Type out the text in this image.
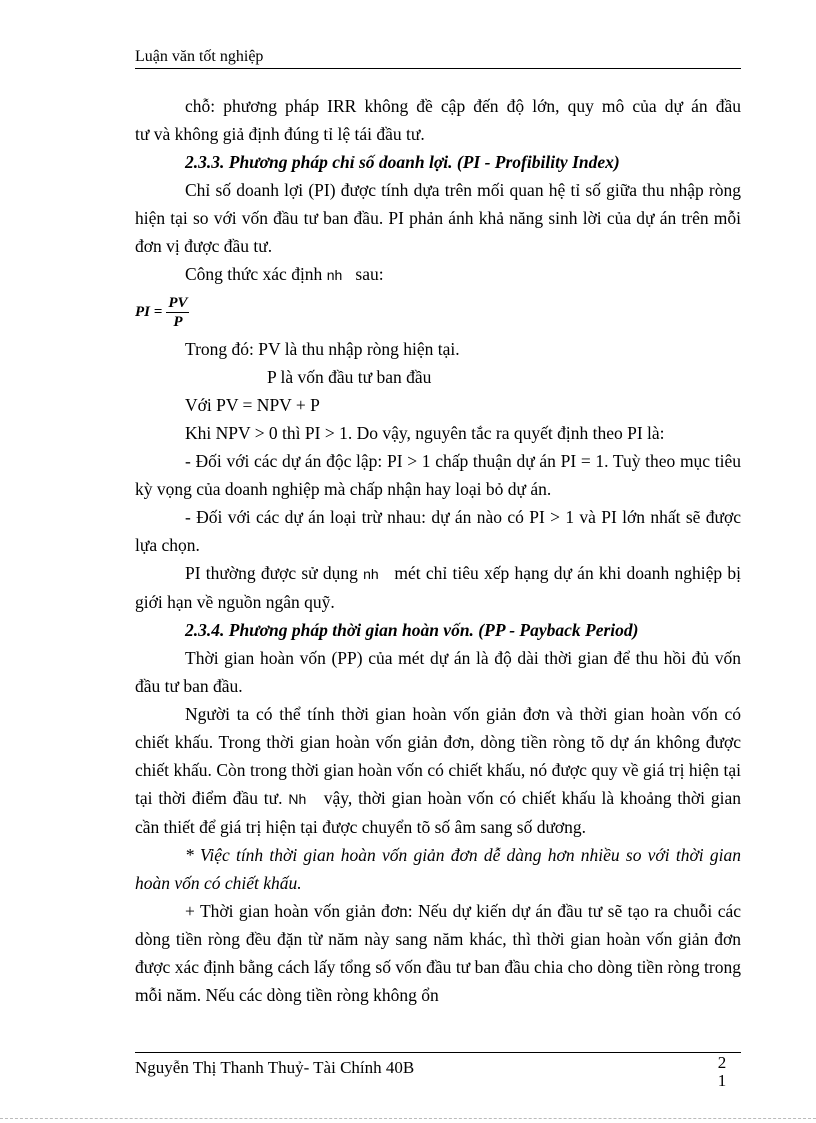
Luận văn tốt nghiệp

chỗ: phương pháp IRR không đề cập đến độ lớn, quy mô của dự án đầu

tư và không giả định đúng tỉ lệ tái đầu tư.

2.3.3. Phương pháp chỉ số doanh lợi. (PI - Profibility Index)

Chỉ số doanh lợi (PI) được tính dựa trên mối quan hệ tỉ số giữa thu nhập ròng hiện tại so với vốn đầu tư ban đầu. PI phản ánh khả năng sinh lời của dự án trên mỗi đơn vị được đầu tư.

Công thức xác định nh sau:

PI = $\frac{PV}{P}$

Trong đó: PV là thu nhập ròng hiện tại.

P là vốn đầu tư ban đầu

Với PV = NPV + P

Khi NPV > 0 thì PI > 1. Do vậy, nguyên tắc ra quyết định theo PI là:

- Đối với các dự án độc lập: PI > 1 chấp thuận dự án PI = 1. Tuỳ theo mục tiêu kỳ vọng của doanh nghiệp mà chấp nhận hay loại bỏ dự án.

- Đối với các dự án loại trừ nhau: dự án nào có PI > 1 và PI lớn nhất sẽ được lựa chọn.

PI thường được sử dụng nh mét chỉ tiêu xếp hạng dự án khi doanh nghiệp bị giới hạn về nguồn ngân quỹ.

2.3.4. Phương pháp thời gian hoàn vốn. (PP - Payback Period)

Thời gian hoàn vốn (PP) của mét dự án là độ dài thời gian để thu hồi đủ vốn đầu tư ban đầu.

Người ta có thể tính thời gian hoàn vốn giản đơn và thời gian hoàn vốn có chiết khấu. Trong thời gian hoàn vốn giản đơn, dòng tiền ròng tõ dự án không được chiết khấu. Còn trong thời gian hoàn vốn có chiết khấu, nó được quy về giá trị hiện tại tại thời điểm đầu tư. Nh vậy, thời gian hoàn vốn có chiết khấu là khoảng thời gian cần thiết để giá trị hiện tại được chuyển tõ số âm sang số dương.

* Việc tính thời gian hoàn vốn giản đơn dễ dàng hơn nhiều so với thời gian hoàn vốn có chiết khấu.

+ Thời gian hoàn vốn giản đơn: Nếu dự kiến dự án đầu tư sẽ tạo ra chuỗi các dòng tiền ròng đều đặn từ năm này sang năm khác, thì thời gian hoàn vốn giản đơn được xác định bằng cách lấy tổng số vốn đầu tư ban đầu chia cho dòng tiền ròng trong mỗi năm. Nếu các dòng tiền ròng không ổn

Nguyễn Thị Thanh Thuỷ- Tài Chính 40B	2
1
